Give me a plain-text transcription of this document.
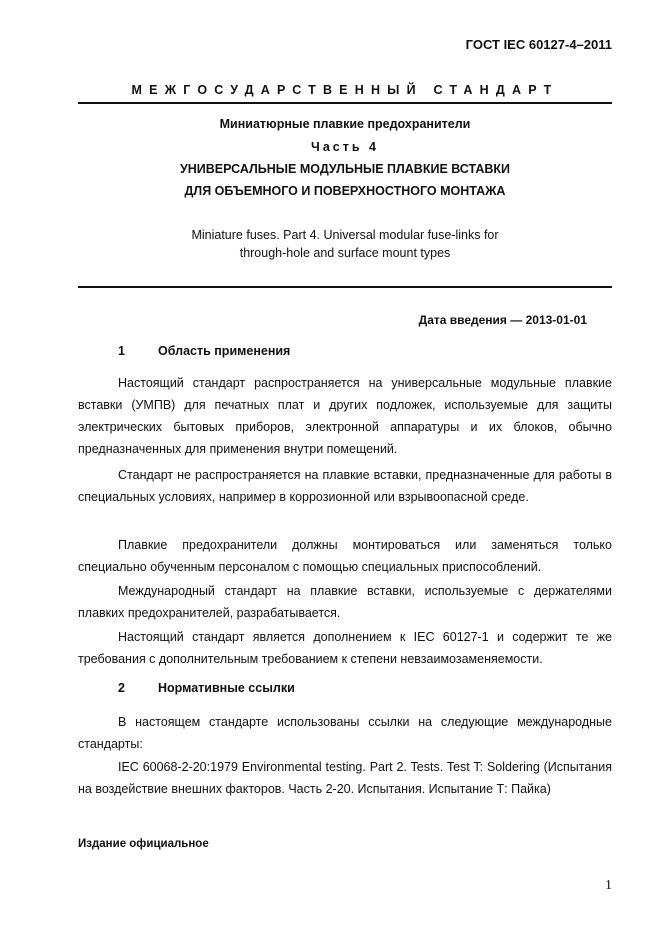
ГОСТ IEC 60127-4–2011
МЕЖГОСУДАРСТВЕННЫЙ СТАНДАРТ
Миниатюрные плавкие предохранители
Часть 4
УНИВЕРСАЛЬНЫЕ МОДУЛЬНЫЕ ПЛАВКИЕ ВСТАВКИ
ДЛЯ ОБЪЕМНОГО И ПОВЕРХНОСТНОГО МОНТАЖА
Miniature fuses. Part 4. Universal modular fuse-links for
through-hole and surface mount types
Дата введения — 2013-01-01
1	Область применения

Настоящий стандарт распространяется на универсальные модульные плавкие вставки (УМПВ) для печатных плат и других подложек, используемые для защиты электрических бытовых приборов, электронной аппаратуры и их блоков, обычно предназначенных для применения внутри помещений.

Стандарт не распространяется на плавкие вставки, предназначенные для работы в специальных условиях, например в коррозионной или взрывоопасной среде.

Плавкие предохранители должны монтироваться или заменяться только специально обученным персоналом с помощью специальных приспособлений.

Международный стандарт на плавкие вставки, используемые с держателями плавких предохранителей, разрабатывается.

Настоящий стандарт является дополнением к IEC 60127-1 и содержит те же требования с дополнительным требованием к степени невзаимозаменяемости.

2	Нормативные ссылки

В настоящем стандарте использованы ссылки на следующие международные стандарты:

IEC 60068-2-20:1979 Environmental testing. Part 2. Tests. Test T: Soldering (Испытания на воздействие внешних факторов. Часть 2-20. Испытания. Испытание Т: Пайка)

Издание официальное
1
